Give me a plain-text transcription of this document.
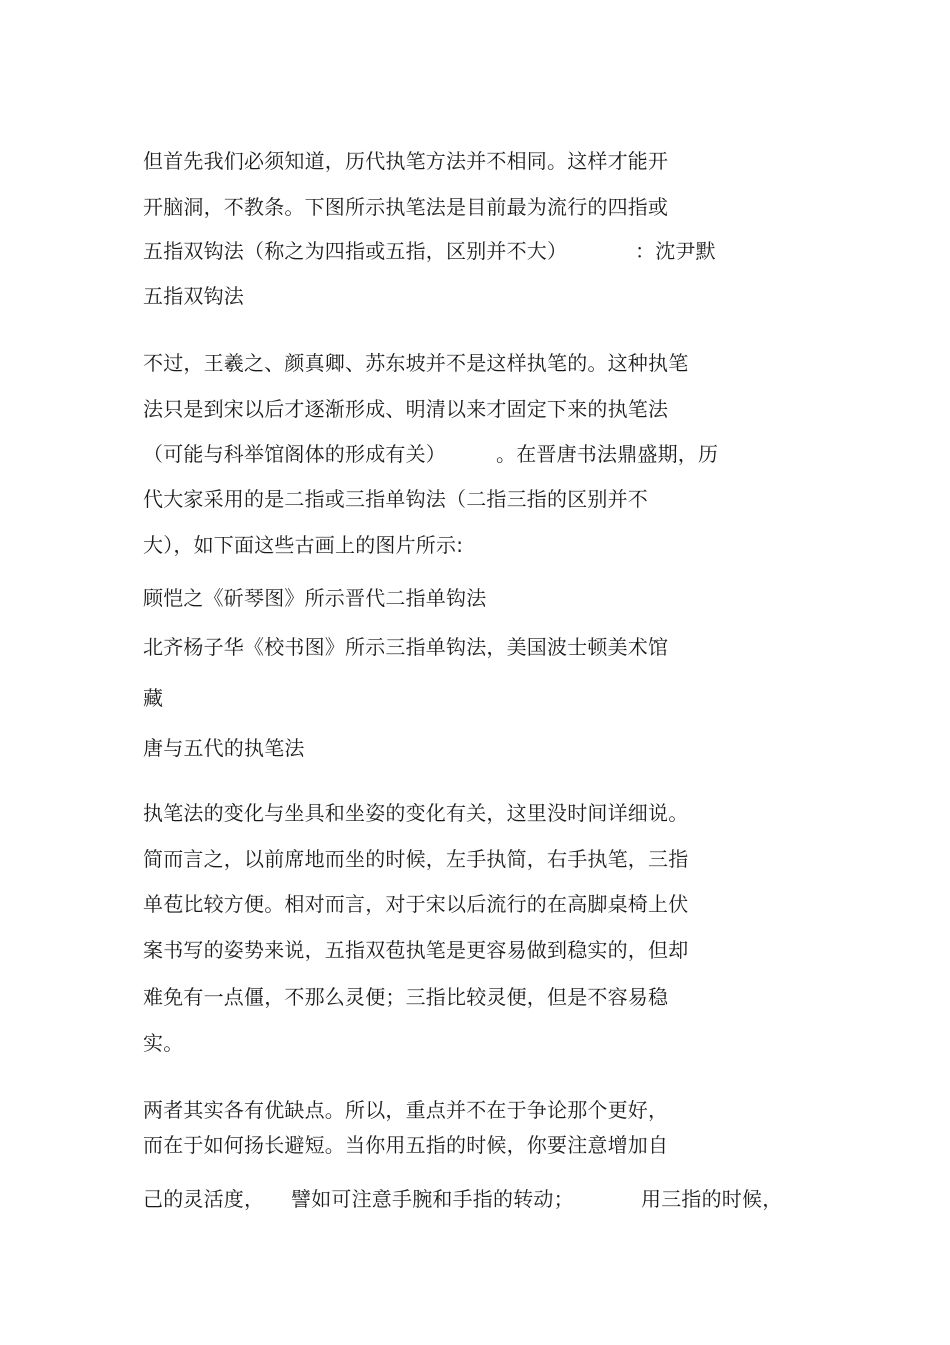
但首先我们必须知道，历代执笔方法并不相同。这样才能开
开脑洞，不教条。下图所示执笔法是目前最为流行的四指或

五指双钩法（称之为四指或五指，区别并不大）

	：沈尹默

五指双钩法
不过，王羲之、颜真卿、苏东坡并不是这样执笔的。这种执笔
法只是到宋以后才逐渐形成、明清以来才固定下来的执笔法

（可能与科举馆阁体的形成有关）

	。在晋唐书法鼎盛期，历

代大家采用的是二指或三指单钩法（二指三指的区别并不
大），如下面这些古画上的图片所示:
顾恺之《斫琴图》所示晋代二指单钩法
北齐杨子华《校书图》所示三指单钩法，美国波士顿美术馆
藏
唐与五代的执笔法
执笔法的变化与坐具和坐姿的变化有关，这里没时间详细说。
简而言之，以前席地而坐的时候，左手执简，右手执笔，三指
单苞比较方便。相对而言，对于宋以后流行的在高脚桌椅上伏
案书写的姿势来说，五指双苞执笔是更容易做到稳实的，但却
难免有一点僵，不那么灵便；三指比较灵便，但是不容易稳
实。
两者其实各有优缺点。所以，重点并不在于争论那个更好，
而在于如何扬长避短。当你用五指的时候，你要注意增加自

己的灵活度，

譬如可注意手腕和手指的转动；

	用三指的时候，
